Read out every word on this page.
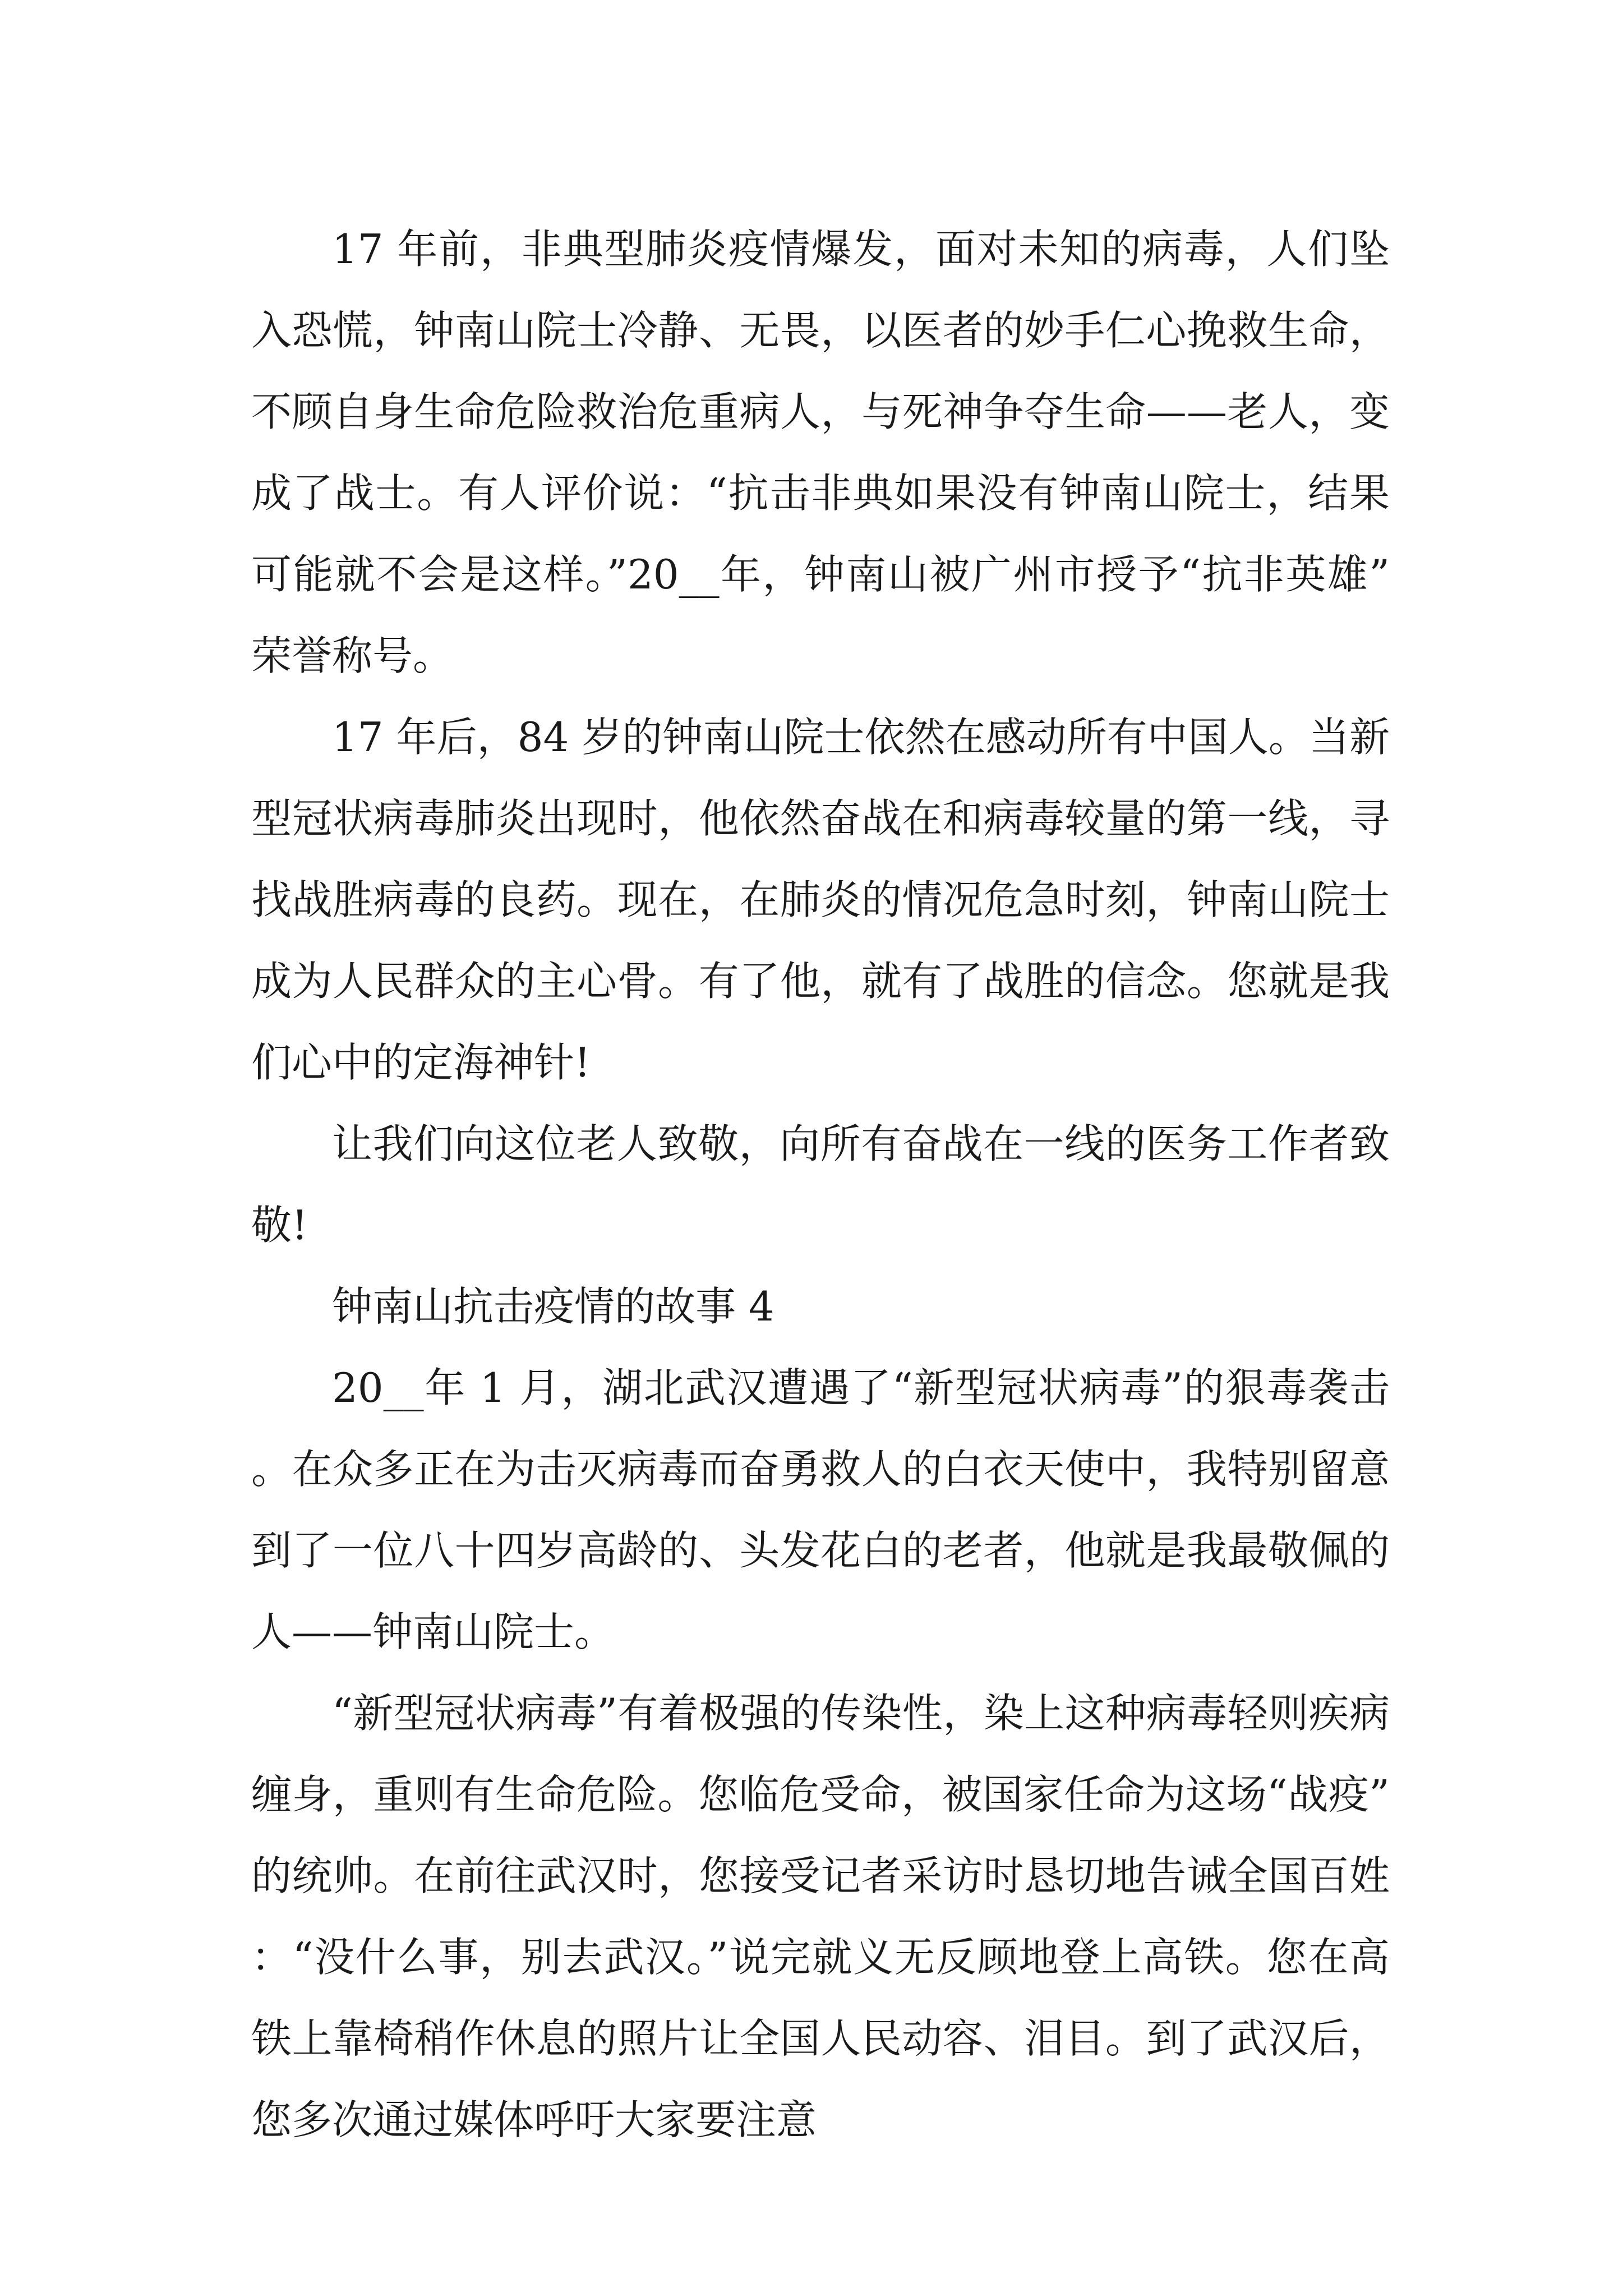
17 年前，非典型肺炎疫情爆发，面对未知的病毒，人们坠入恐慌，钟南山院士冷静、无畏，以医者的妙手仁心挽救生命，不顾自身生命危险救治危重病人，与死神争夺生命——老人，变成了战士。有人评价说：“抗击非典如果没有钟南山院士，结果可能就不会是这样。”20__年，钟南山被广州市授予“抗非英雄”荣誉称号。

17 年后，84 岁的钟南山院士依然在感动所有中国人。当新型冠状病毒肺炎出现时，他依然奋战在和病毒较量的第一线，寻找战胜病毒的良药。现在，在肺炎的情况危急时刻，钟南山院士成为人民群众的主心骨。有了他，就有了战胜的信念。您就是我们心中的定海神针!

让我们向这位老人致敬，向所有奋战在一线的医务工作者致敬!

钟南山抗击疫情的故事 4

20__年 1 月，湖北武汉遭遇了“新型冠状病毒”的狠毒袭击。在众多正在为击灭病毒而奋勇救人的白衣天使中，我特别留意到了一位八十四岁高龄的、头发花白的老者，他就是我最敬佩的人——钟南山院士。

“新型冠状病毒”有着极强的传染性，染上这种病毒轻则疾病缠身，重则有生命危险。您临危受命，被国家任命为这场“战疫”的统帅。在前往武汉时，您接受记者采访时恳切地告诫全国百姓：“没什么事，别去武汉。”说完就义无反顾地登上高铁。您在高铁上靠椅稍作休息的照片让全国人民动容、泪目。到了武汉后，您多次通过媒体呼吁大家要注意
